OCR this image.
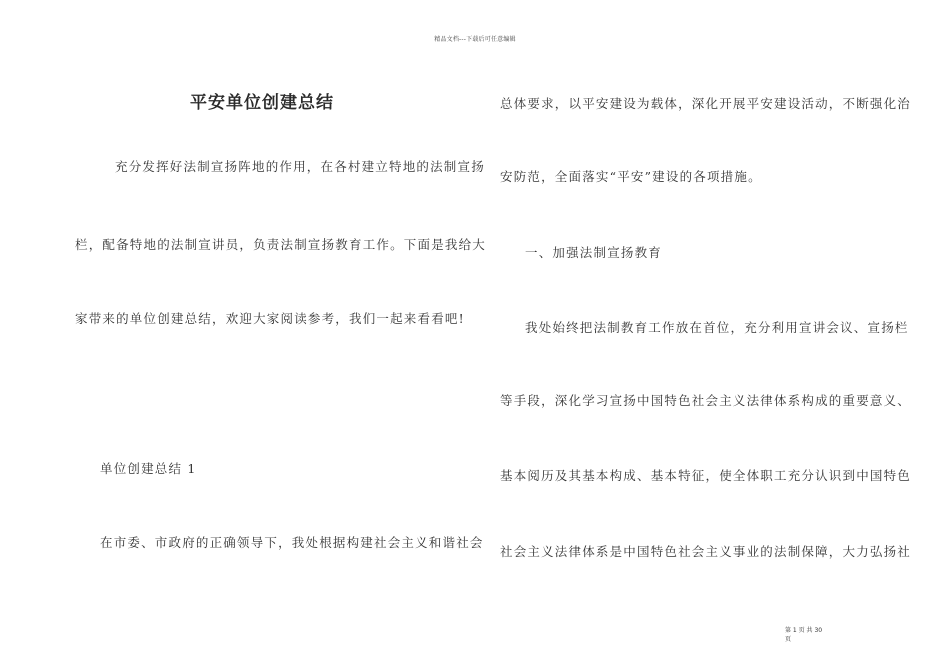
精品文档---下载后可任意编辑
平安单位创建总结
充分发挥好法制宣扬阵地的作用，在各村建立特地的法制宣扬
栏，配备特地的法制宣讲员，负责法制宣扬教育工作。下面是我给大
家带来的单位创建总结，欢迎大家阅读参考，我们一起来看看吧!
单位创建总结 1
在市委、市政府的正确领导下，我处根据构建社会主义和谐社会
总体要求，以平安建设为载体，深化开展平安建设活动，不断强化治
安防范，全面落实“平安”建设的各项措施。
一、加强法制宣扬教育
我处始终把法制教育工作放在首位，充分利用宣讲会议、宣扬栏
等手段，深化学习宣扬中国特色社会主义法律体系构成的重要意义、
基本阅历及其基本构成、基本特征，使全体职工充分认识到中国特色
社会主义法律体系是中国特色社会主义事业的法制保障，大力弘扬社
第 1 页 共 30
页
